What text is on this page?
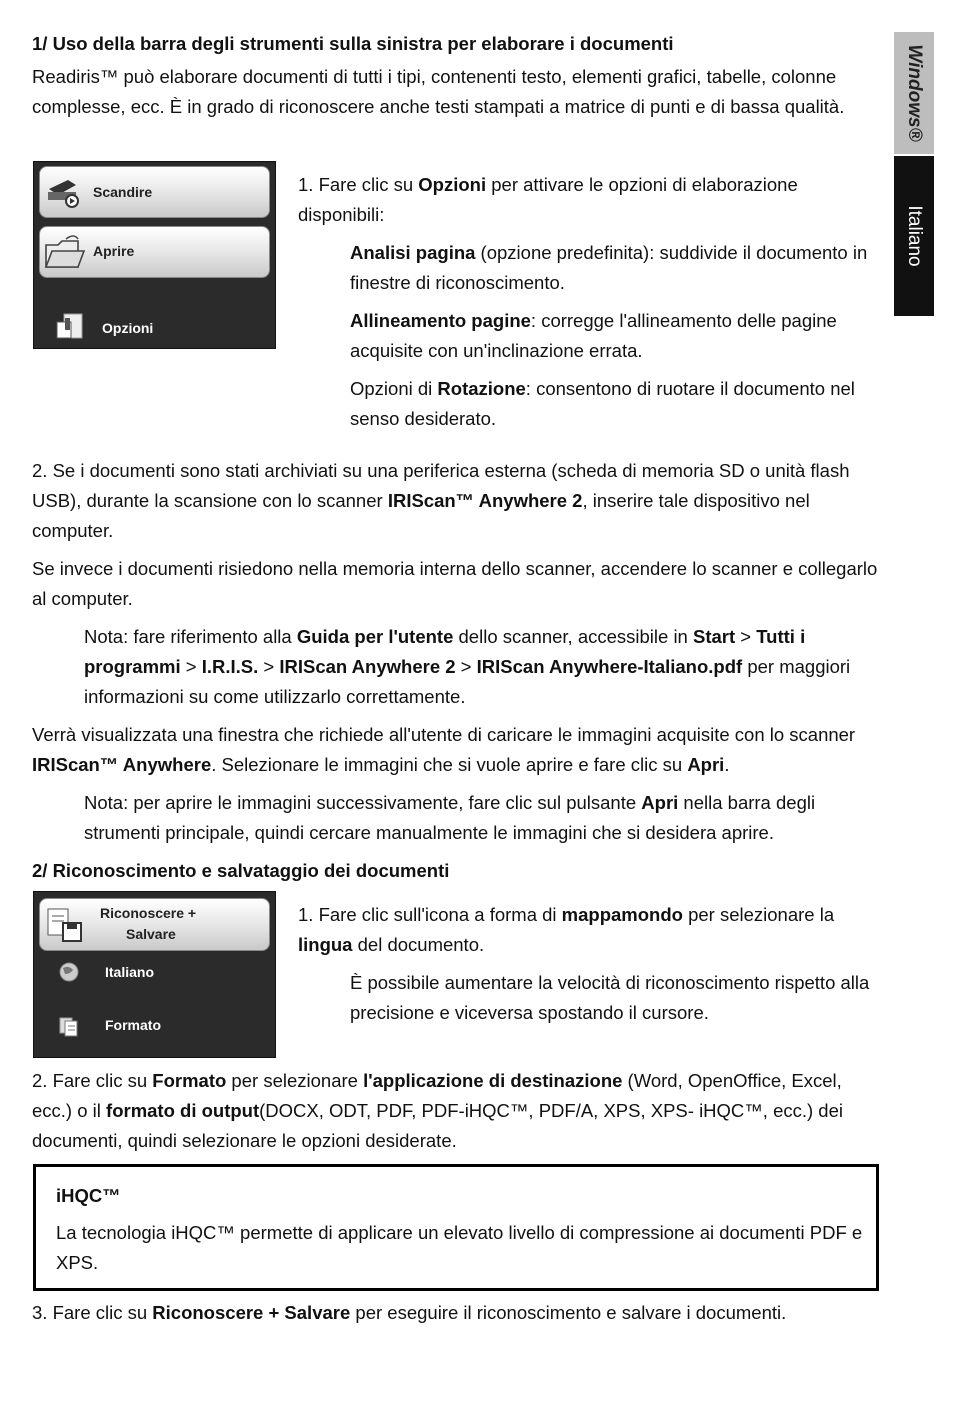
Windows®
Italiano

1/ Uso della barra degli strumenti sulla sinistra per elaborare i documenti

Readiris™ può elaborare documenti di tutti i tipi, contenenti testo, elementi grafici, tabelle, colonne complesse, ecc. È in grado di riconoscere anche testi stampati a matrice di punti e di bassa qualità.

Scandire
Aprire
Opzioni

1. Fare clic su Opzioni per attivare le opzioni di elaborazione disponibili:

Analisi pagina (opzione predefinita): suddivide il documento in finestre di riconoscimento.

Allineamento pagine: corregge l'allineamento delle pagine acquisite con un'inclinazione errata.

Opzioni di Rotazione: consentono di ruotare il documento nel senso desiderato.

2. Se i documenti sono stati archiviati su una periferica esterna (scheda di memoria SD o unità flash USB), durante la scansione con lo scanner IRIScan™ Anywhere 2, inserire tale dispositivo nel computer.

Se invece i documenti risiedono nella memoria interna dello scanner, accendere lo scanner e collegarlo al computer.

Nota: fare riferimento alla Guida per l'utente dello scanner, accessibile in Start > Tutti i programmi > I.R.I.S. > IRIScan Anywhere 2 > IRIScan Anywhere-Italiano.pdf per maggiori informazioni su come utilizzarlo correttamente.

Verrà visualizzata una finestra che richiede all'utente di caricare le immagini acquisite con lo scanner IRIScan™ Anywhere. Selezionare le immagini che si vuole aprire e fare clic su Apri.

Nota: per aprire le immagini successivamente, fare clic sul pulsante Apri nella barra degli strumenti principale, quindi cercare manualmente le immagini che si desidera aprire.

2/ Riconoscimento e salvataggio dei documenti

Riconoscere +
Salvare
Italiano
Formato

1. Fare clic sull'icona a forma di mappamondo per selezionare la lingua del documento.

È possibile aumentare la velocità di riconoscimento rispetto alla precisione e viceversa spostando il cursore.

2. Fare clic su Formato per selezionare l'applicazione di destinazione (Word, OpenOffice, Excel, ecc.) o il formato di output(DOCX, ODT, PDF, PDF-iHQC™, PDF/A, XPS, XPS- iHQC™, ecc.) dei documenti, quindi selezionare le opzioni desiderate.

iHQC™

La tecnologia iHQC™ permette di applicare un elevato livello di compressione ai documenti PDF e XPS.

3. Fare clic su Riconoscere + Salvare per eseguire il riconoscimento e salvare i documenti.
